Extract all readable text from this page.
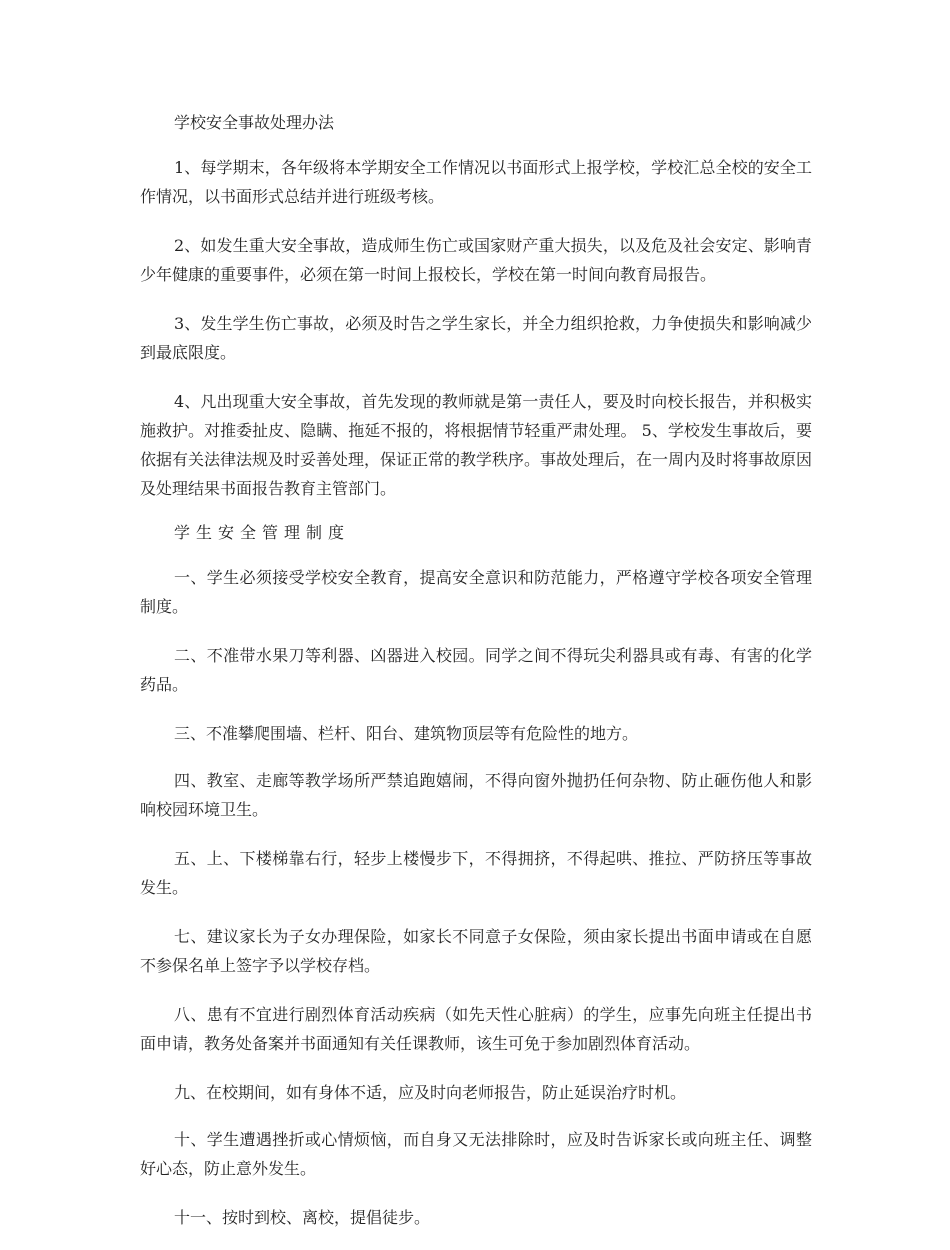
学校安全事故处理办法

1、每学期末，各年级将本学期安全工作情况以书面形式上报学校，学校汇总全校的安全工作情况，以书面形式总结并进行班级考核。

2、如发生重大安全事故，造成师生伤亡或国家财产重大损失，以及危及社会安定、影响青少年健康的重要事件，必须在第一时间上报校长，学校在第一时间向教育局报告。

3、发生学生伤亡事故，必须及时告之学生家长，并全力组织抢救，力争使损失和影响减少到最底限度。

4、凡出现重大安全事故，首先发现的教师就是第一责任人，要及时向校长报告，并积极实施救护。对推委扯皮、隐瞒、拖延不报的，将根据情节轻重严肃处理。 5、学校发生事故后，要依据有关法律法规及时妥善处理，保证正常的教学秩序。事故处理后，在一周内及时将事故原因及处理结果书面报告教育主管部门。

学生安全管理制度

一、学生必须接受学校安全教育，提高安全意识和防范能力，严格遵守学校各项安全管理制度。

二、不准带水果刀等利器、凶器进入校园。同学之间不得玩尖利器具或有毒、有害的化学药品。

三、不准攀爬围墙、栏杆、阳台、建筑物顶层等有危险性的地方。

四、教室、走廊等教学场所严禁追跑嬉闹，不得向窗外抛扔任何杂物、防止砸伤他人和影响校园环境卫生。

五、上、下楼梯靠右行，轻步上楼慢步下，不得拥挤，不得起哄、推拉、严防挤压等事故发生。

七、建议家长为子女办理保险，如家长不同意子女保险，须由家长提出书面申请或在自愿不参保名单上签字予以学校存档。

八、患有不宜进行剧烈体育活动疾病（如先天性心脏病）的学生，应事先向班主任提出书面申请，教务处备案并书面通知有关任课教师，该生可免于参加剧烈体育活动。

九、在校期间，如有身体不适，应及时向老师报告，防止延误治疗时机。

十、学生遭遇挫折或心情烦恼，而自身又无法排除时，应及时告诉家长或向班主任、调整好心态，防止意外发生。

十一、按时到校、离校，提倡徒步。
